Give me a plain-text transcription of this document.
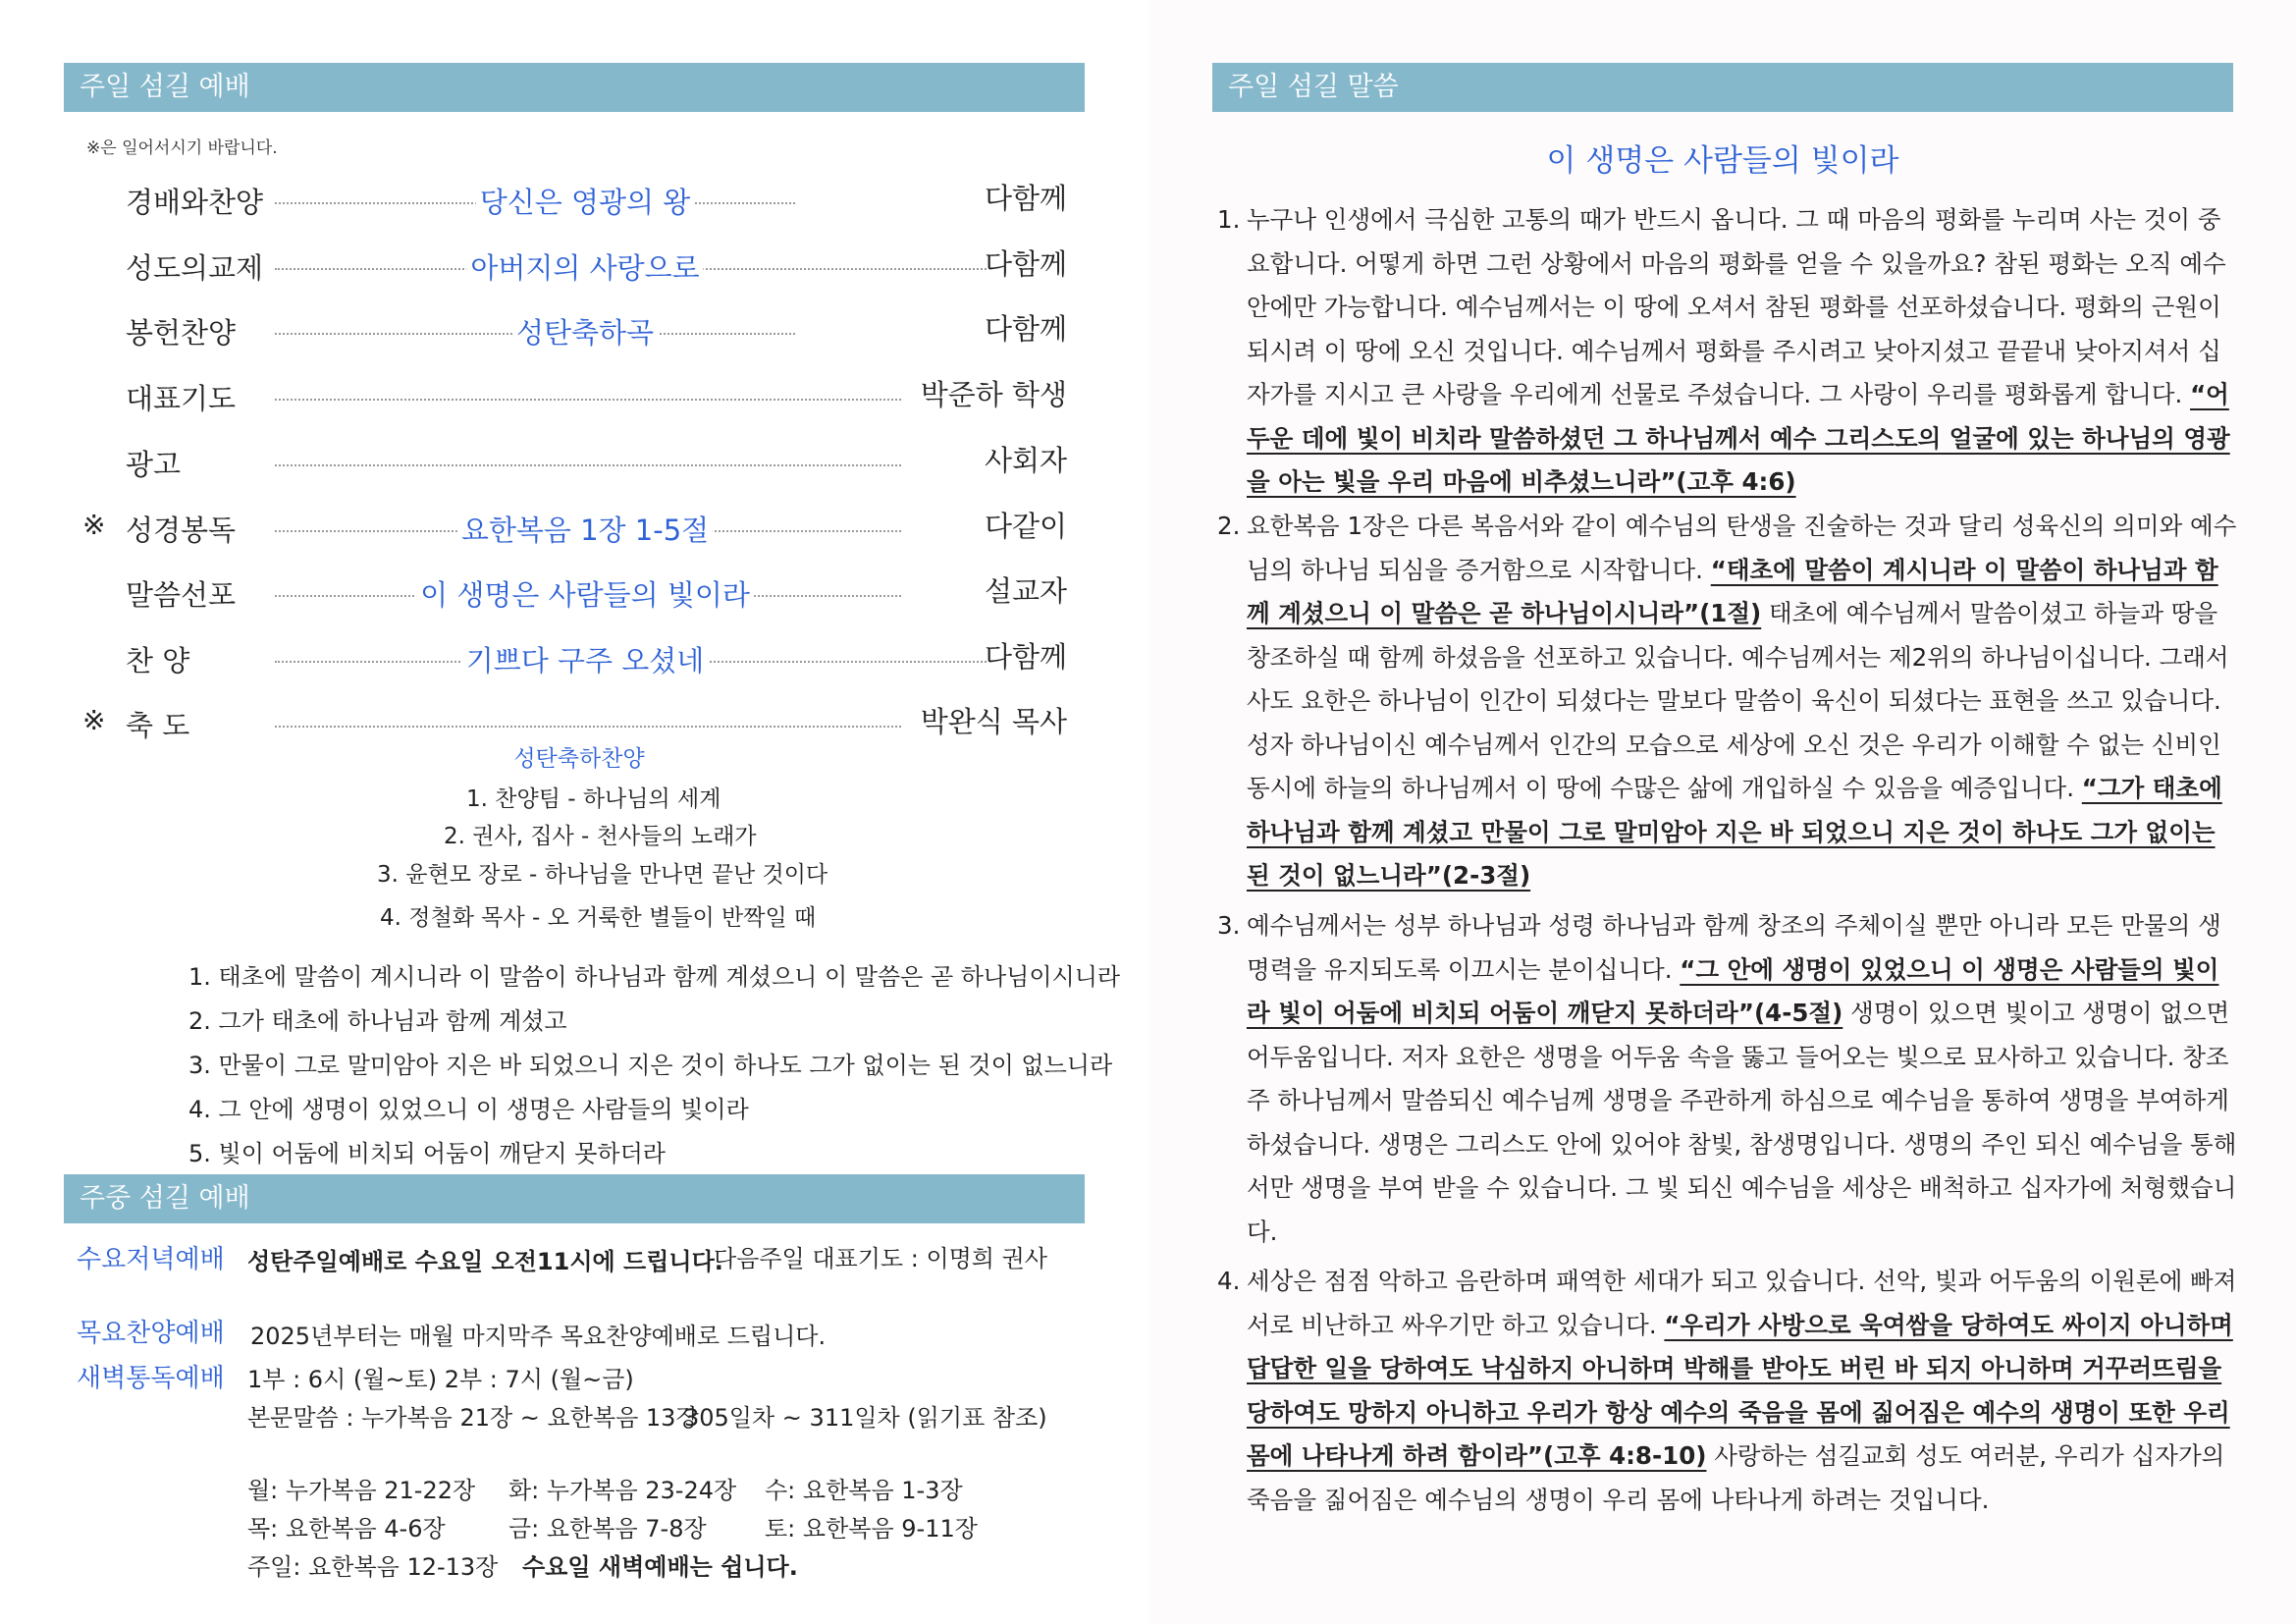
주일 섬길 예배
※은 일어서시기 바랍니다.
경배와찬양	당신은 영광의 왕	다함께
성도의교제	아버지의 사랑으로	다함께
봉헌찬양	성탄축하곡	다함께
대표기도	박준하 학생
광고	사회자
※ 성경봉독	요한복음 1장 1-5절	다같이
말씀선포	이 생명은 사람들의 빛이라	설교자
찬 양	기쁘다 구주 오셨네	다함께
※ 축 도	박완식 목사
성탄축하찬양
1. 찬양팀 - 하나님의 세계
2. 권사, 집사 - 천사들의 노래가
3. 윤현모 장로 - 하나님을 만나면 끝난 것이다
4. 정철화 목사 - 오 거룩한 별들이 반짝일 때
1. 태초에 말씀이 계시니라 이 말씀이 하나님과 함께 계셨으니 이 말씀은 곧 하나님이시니라
2. 그가 태초에 하나님과 함께 계셨고
3. 만물이 그로 말미암아 지은 바 되었으니 지은 것이 하나도 그가 없이는 된 것이 없느니라
4. 그 안에 생명이 있었으니 이 생명은 사람들의 빛이라
5. 빛이 어둠에 비치되 어둠이 깨닫지 못하더라
주중 섬길 예배
수요저녁예배 성탄주일예배로 수요일 오전11시에 드립니다.
다음주일 대표기도 : 이명희 권사
목요찬양예배 2025년부터는 매월 마지막주 목요찬양예배로 드립니다.
새벽통독예배 1부 : 6시 (월~토) 2부 : 7시 (월~금)
본문말씀 : 누가복음 21장 ~ 요한복음 13장
305일차 ~ 311일차 (읽기표 참조)
월: 누가복음 21-22장 화: 누가복음 23-24장 수: 요한복음 1-3장
목: 요한복음 4-6장	금: 요한복음 7-8장 토: 요한복음 9-11장
주일: 요한복음 12-13장 수요일 새벽예배는 쉽니다.
주일 섬길 말씀
이 생명은 사람들의 빛이라
1. 누구나 인생에서 극심한 고통의 때가 반드시 옵니다. 그 때 마음의 평화를 누리며 사는 것이 중요합니다. 어떻게 하면 그런 상황에서 마음의 평화를 얻을 수 있을까요? 참된 평화는 오직 예수 안에만 가능합니다. 예수님께서는 이 땅에 오셔서 참된 평화를 선포하셨습니다. 평화의 근원이 되시려 이 땅에 오신 것입니다. 예수님께서 평화를 주시려고 낮아지셨고 끝끝내 낮아지셔서 십자가를 지시고 큰 사랑을 우리에게 선물로 주셨습니다. 그 사랑이 우리를 평화롭게 합니다. “어두운 데에 빛이 비치라 말씀하셨던 그 하나님께서 예수 그리스도의 얼굴에 있는 하나님의 영광을 아는 빛을 우리 마음에 비추셨느니라”(고후 4:6)
2. 요한복음 1장은 다른 복음서와 같이 예수님의 탄생을 진술하는 것과 달리 성육신의 의미와 예수님의 하나님 되심을 증거함으로 시작합니다. “태초에 말씀이 계시니라 이 말씀이 하나님과 함께 계셨으니 이 말씀은 곧 하나님이시니라”(1절) 태초에 예수님께서 말씀이셨고 하늘과 땅을 창조하실 때 함께 하셨음을 선포하고 있습니다. 예수님께서는 제2위의 하나님이십니다. 그래서 사도 요한은 하나님이 인간이 되셨다는 말보다 말씀이 육신이 되셨다는 표현을 쓰고 있습니다. 성자 하나님이신 예수님께서 인간의 모습으로 세상에 오신 것은 우리가 이해할 수 없는 신비인 동시에 하늘의 하나님께서 이 땅에 수많은 삶에 개입하실 수 있음을 예증입니다. “그가 태초에 하나님과 함께 계셨고 만물이 그로 말미암아 지은 바 되었으니 지은 것이 하나도 그가 없이는 된 것이 없느니라”(2-3절)
3. 예수님께서는 성부 하나님과 성령 하나님과 함께 창조의 주체이실 뿐만 아니라 모든 만물의 생명력을 유지되도록 이끄시는 분이십니다. “그 안에 생명이 있었으니 이 생명은 사람들의 빛이라 빛이 어둠에 비치되 어둠이 깨닫지 못하더라”(4-5절) 생명이 있으면 빛이고 생명이 없으면 어두움입니다. 저자 요한은 생명을 어두움 속을 뚫고 들어오는 빛으로 묘사하고 있습니다. 창조주 하나님께서 말씀되신 예수님께 생명을 주관하게 하심으로 예수님을 통하여 생명을 부여하게 하셨습니다. 생명은 그리스도 안에 있어야 참빛, 참생명입니다. 생명의 주인 되신 예수님을 통해서만 생명을 부여 받을 수 있습니다. 그 빛 되신 예수님을 세상은 배척하고 십자가에 처형했습니다.
4. 세상은 점점 악하고 음란하며 패역한 세대가 되고 있습니다. 선악, 빛과 어두움의 이원론에 빠져 서로 비난하고 싸우기만 하고 있습니다. “우리가 사방으로 욱여쌈을 당하여도 싸이지 아니하며 답답한 일을 당하여도 낙심하지 아니하며 박해를 받아도 버린 바 되지 아니하며 거꾸러뜨림을 당하여도 망하지 아니하고 우리가 항상 예수의 죽음을 몸에 짊어짐은 예수의 생명이 또한 우리 몸에 나타나게 하려 함이라”(고후 4:8-10) 사랑하는 섬길교회 성도 여러분, 우리가 십자가의 죽음을 짊어짐은 예수님의 생명이 우리 몸에 나타나게 하려는 것입니다.
